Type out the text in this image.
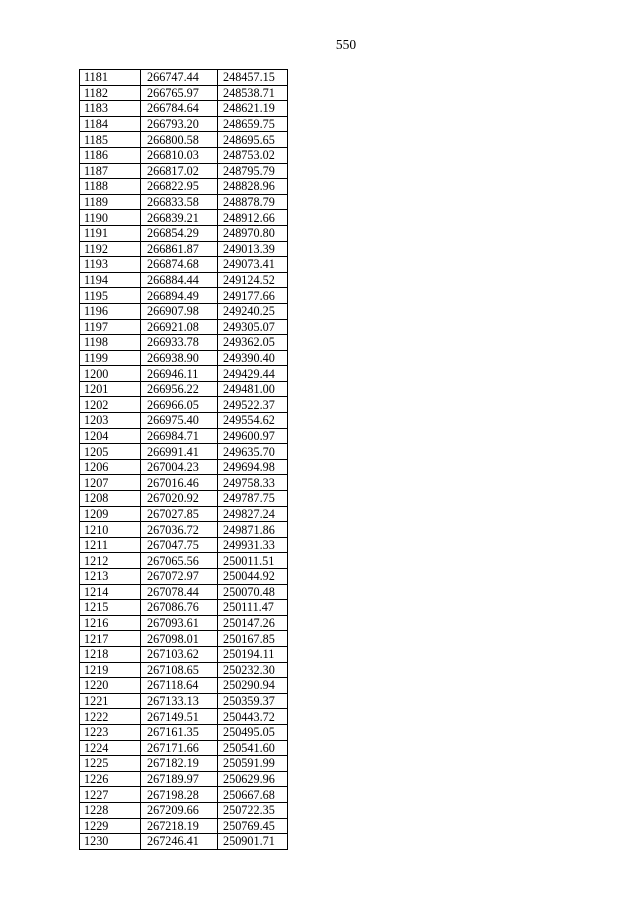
550
1181	266747.44	248457.15
1182	266765.97	248538.71
1183	266784.64	248621.19
1184	266793.20	248659.75
1185	266800.58	248695.65
1186	266810.03	248753.02
1187	266817.02	248795.79
1188	266822.95	248828.96
1189	266833.58	248878.79
1190	266839.21	248912.66
1191	266854.29	248970.80
1192	266861.87	249013.39
1193	266874.68	249073.41
1194	266884.44	249124.52
1195	266894.49	249177.66
1196	266907.98	249240.25
1197	266921.08	249305.07
1198	266933.78	249362.05
1199	266938.90	249390.40
1200	266946.11	249429.44
1201	266956.22	249481.00
1202	266966.05	249522.37
1203	266975.40	249554.62
1204	266984.71	249600.97
1205	266991.41	249635.70
1206	267004.23	249694.98
1207	267016.46	249758.33
1208	267020.92	249787.75
1209	267027.85	249827.24
1210	267036.72	249871.86
1211	267047.75	249931.33
1212	267065.56	250011.51
1213	267072.97	250044.92
1214	267078.44	250070.48
1215	267086.76	250111.47
1216	267093.61	250147.26
1217	267098.01	250167.85
1218	267103.62	250194.11
1219	267108.65	250232.30
1220	267118.64	250290.94
1221	267133.13	250359.37
1222	267149.51	250443.72
1223	267161.35	250495.05
1224	267171.66	250541.60
1225	267182.19	250591.99
1226	267189.97	250629.96
1227	267198.28	250667.68
1228	267209.66	250722.35
1229	267218.19	250769.45
1230	267246.41	250901.71
